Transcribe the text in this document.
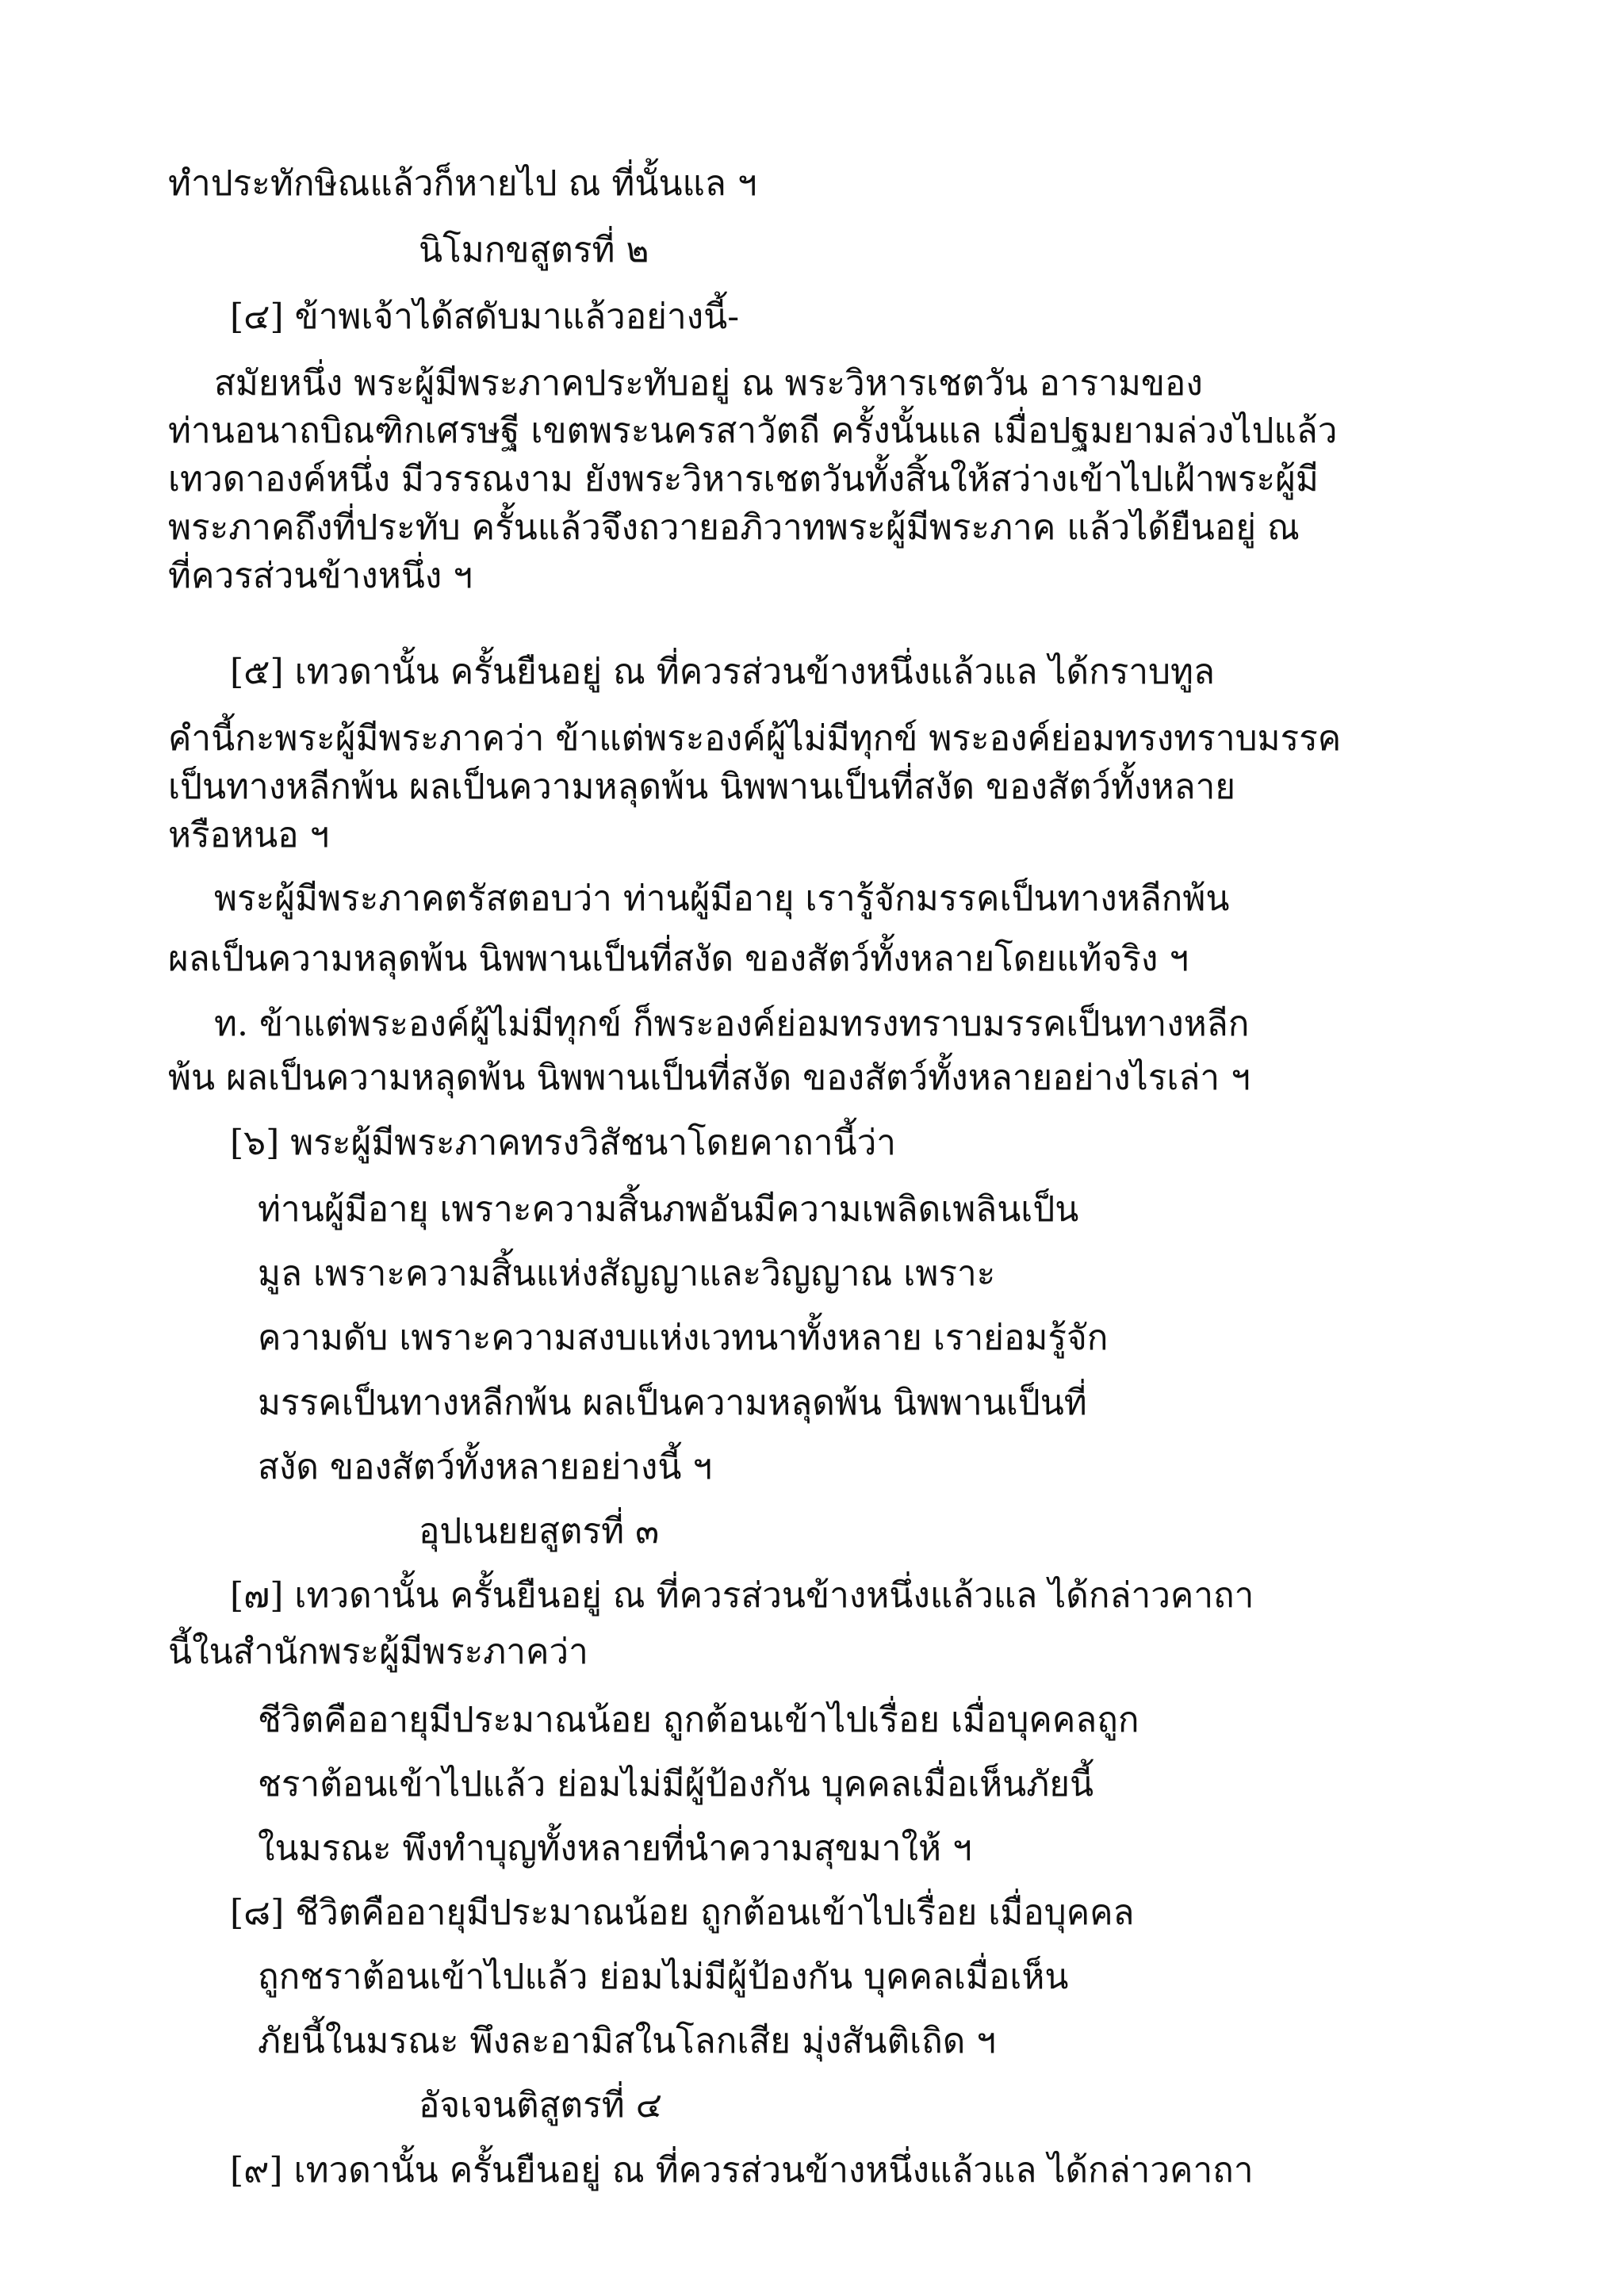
ทำประทักษิณแล้วก็หายไป ณ ที่นั้นแล ฯ
นิโมกขสูตรที่ ๒
[๔] ข้าพเจ้าได้สดับมาแล้วอย่างนี้-
สมัยหนึ่ง พระผู้มีพระภาคประทับอยู่ ณ พระวิหารเชตวัน อารามของ
ท่านอนาถบิณฑิกเศรษฐี เขตพระนครสาวัตถี ครั้งนั้นแล เมื่อปฐมยามล่วงไปแล้ว
เทวดาองค์หนึ่ง มีวรรณงาม ยังพระวิหารเชตวันทั้งสิ้นให้สว่างเข้าไปเฝ้าพระผู้มี
พระภาคถึงที่ประทับ ครั้นแล้วจึงถวายอภิวาทพระผู้มีพระภาค แล้วได้ยืนอยู่ ณ
ที่ควรส่วนข้างหนึ่ง ฯ
[๕] เทวดานั้น ครั้นยืนอยู่ ณ ที่ควรส่วนข้างหนึ่งแล้วแล ได้กราบทูล
คำนี้กะพระผู้มีพระภาคว่า ข้าแต่พระองค์ผู้ไม่มีทุกข์ พระองค์ย่อมทรงทราบมรรค
เป็นทางหลีกพ้น ผลเป็นความหลุดพ้น นิพพานเป็นที่สงัด ของสัตว์ทั้งหลาย
หรือหนอ ฯ
พระผู้มีพระภาคตรัสตอบว่า ท่านผู้มีอายุ เรารู้จักมรรคเป็นทางหลีกพ้น
ผลเป็นความหลุดพ้น นิพพานเป็นที่สงัด ของสัตว์ทั้งหลายโดยแท้จริง ฯ
ท. ข้าแต่พระองค์ผู้ไม่มีทุกข์ ก็พระองค์ย่อมทรงทราบมรรคเป็นทางหลีก
พ้น ผลเป็นความหลุดพ้น นิพพานเป็นที่สงัด ของสัตว์ทั้งหลายอย่างไรเล่า ฯ
[๖] พระผู้มีพระภาคทรงวิสัชนาโดยคาถานี้ว่า
ท่านผู้มีอายุ เพราะความสิ้นภพอันมีความเพลิดเพลินเป็น
มูล เพราะความสิ้นแห่งสัญญาและวิญญาณ เพราะ
ความดับ เพราะความสงบแห่งเวทนาทั้งหลาย เราย่อมรู้จัก
มรรคเป็นทางหลีกพ้น ผลเป็นความหลุดพ้น นิพพานเป็นที่
สงัด ของสัตว์ทั้งหลายอย่างนี้ ฯ
อุปเนยยสูตรที่ ๓
[๗] เทวดานั้น ครั้นยืนอยู่ ณ ที่ควรส่วนข้างหนึ่งแล้วแล ได้กล่าวคาถา
นี้ในสำนักพระผู้มีพระภาคว่า
ชีวิตคืออายุมีประมาณน้อย ถูกต้อนเข้าไปเรื่อย เมื่อบุคคลถูก
ชราต้อนเข้าไปแล้ว ย่อมไม่มีผู้ป้องกัน บุคคลเมื่อเห็นภัยนี้
ในมรณะ พึงทำบุญทั้งหลายที่นำความสุขมาให้ ฯ
[๘] ชีวิตคืออายุมีประมาณน้อย ถูกต้อนเข้าไปเรื่อย เมื่อบุคคล
ถูกชราต้อนเข้าไปแล้ว ย่อมไม่มีผู้ป้องกัน บุคคลเมื่อเห็น
ภัยนี้ในมรณะ พึงละอามิสในโลกเสีย มุ่งสันติเถิด ฯ
อัจเจนติสูตรที่ ๔
[๙] เทวดานั้น ครั้นยืนอยู่ ณ ที่ควรส่วนข้างหนึ่งแล้วแล ได้กล่าวคาถา
